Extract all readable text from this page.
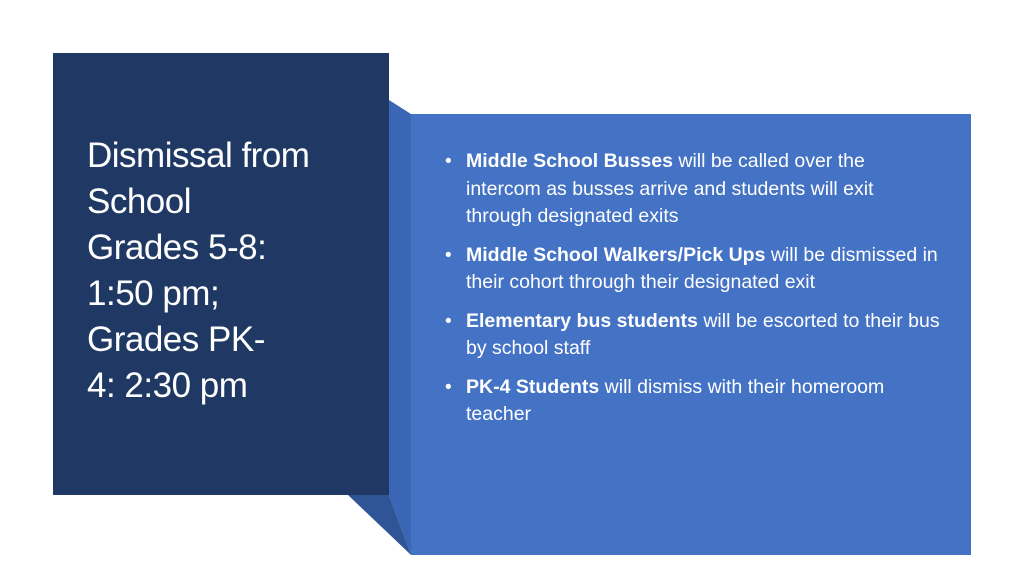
Dismissal from
School
Grades 5-8:
1:50 pm;
Grades PK-
4: 2:30 pm
• Middle School Busses will be called over the intercom as busses arrive and students will exit through designated exits
• Middle School Walkers/Pick Ups will be dismissed in their cohort through their designated exit
• Elementary bus students will be escorted to their bus by school staff
• PK-4 Students will dismiss with their homeroom teacher
